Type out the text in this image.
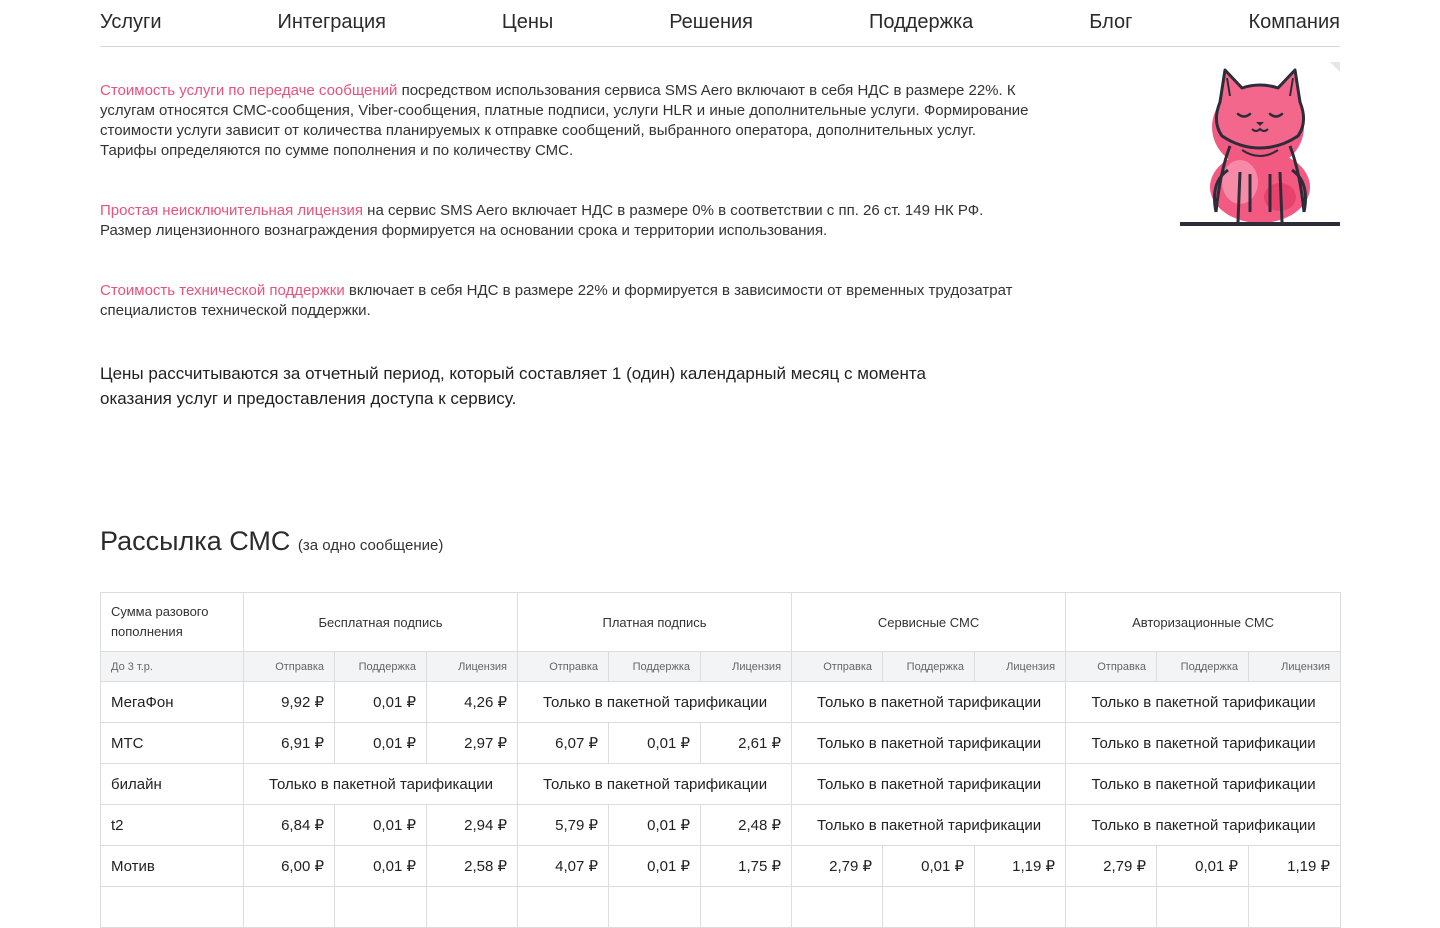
Услуги	Интеграция	Цены	Решения	Поддержка	Блог	Компания

Стоимость услуги по передаче сообщений посредством использования сервиса SMS Aero включают в себя НДС в размере 22%. К услугам относятся СМС-сообщения, Viber-сообщения, платные подписи, услуги HLR и иные дополнительные услуги. Формирование стоимости услуги зависит от количества планируемых к отправке сообщений, выбранного оператора, дополнительных услуг. Тарифы определяются по сумме пополнения и по количеству СМС.

Простая неисключительная лицензия на сервис SMS Aero включает НДС в размере 0% в соответствии с пп. 26 ст. 149 НК РФ. Размер лицензионного вознаграждения формируется на основании срока и территории использования.

Стоимость технической поддержки включает в себя НДС в размере 22% и формируется в зависимости от временных трудозатрат специалистов технической поддержки.

Цены рассчитываются за отчетный период, который составляет 1 (один) календарный месяц с момента оказания услуг и предоставления доступа к сервису.
Рассылка СМС (за одно сообщение)
Сумма разового пополнения	Бесплатная подпись			Платная подпись			Сервисные СМС			Авторизационные СМС		
До 3 т.р.	Отправка	Поддержка	Лицензия	Отправка	Поддержка	Лицензия	Отправка	Поддержка	Лицензия	Отправка	Поддержка	Лицензия
МегаФон	9,92 ₽	0,01 ₽	4,26 ₽	Только в пакетной тарификации			Только в пакетной тарификации			Только в пакетной тарификации		
МТС	6,91 ₽	0,01 ₽	2,97 ₽	6,07 ₽	0,01 ₽	2,61 ₽	Только в пакетной тарификации			Только в пакетной тарификации		
билайн	Только в пакетной тарификации			Только в пакетной тарификации			Только в пакетной тарификации			Только в пакетной тарификации		
t2	6,84 ₽	0,01 ₽	2,94 ₽	5,79 ₽	0,01 ₽	2,48 ₽	Только в пакетной тарификации			Только в пакетной тарификации		
Мотив	6,00 ₽	0,01 ₽	2,58 ₽	4,07 ₽	0,01 ₽	1,75 ₽	2,79 ₽	0,01 ₽	1,19 ₽	2,79 ₽	0,01 ₽	1,19 ₽
